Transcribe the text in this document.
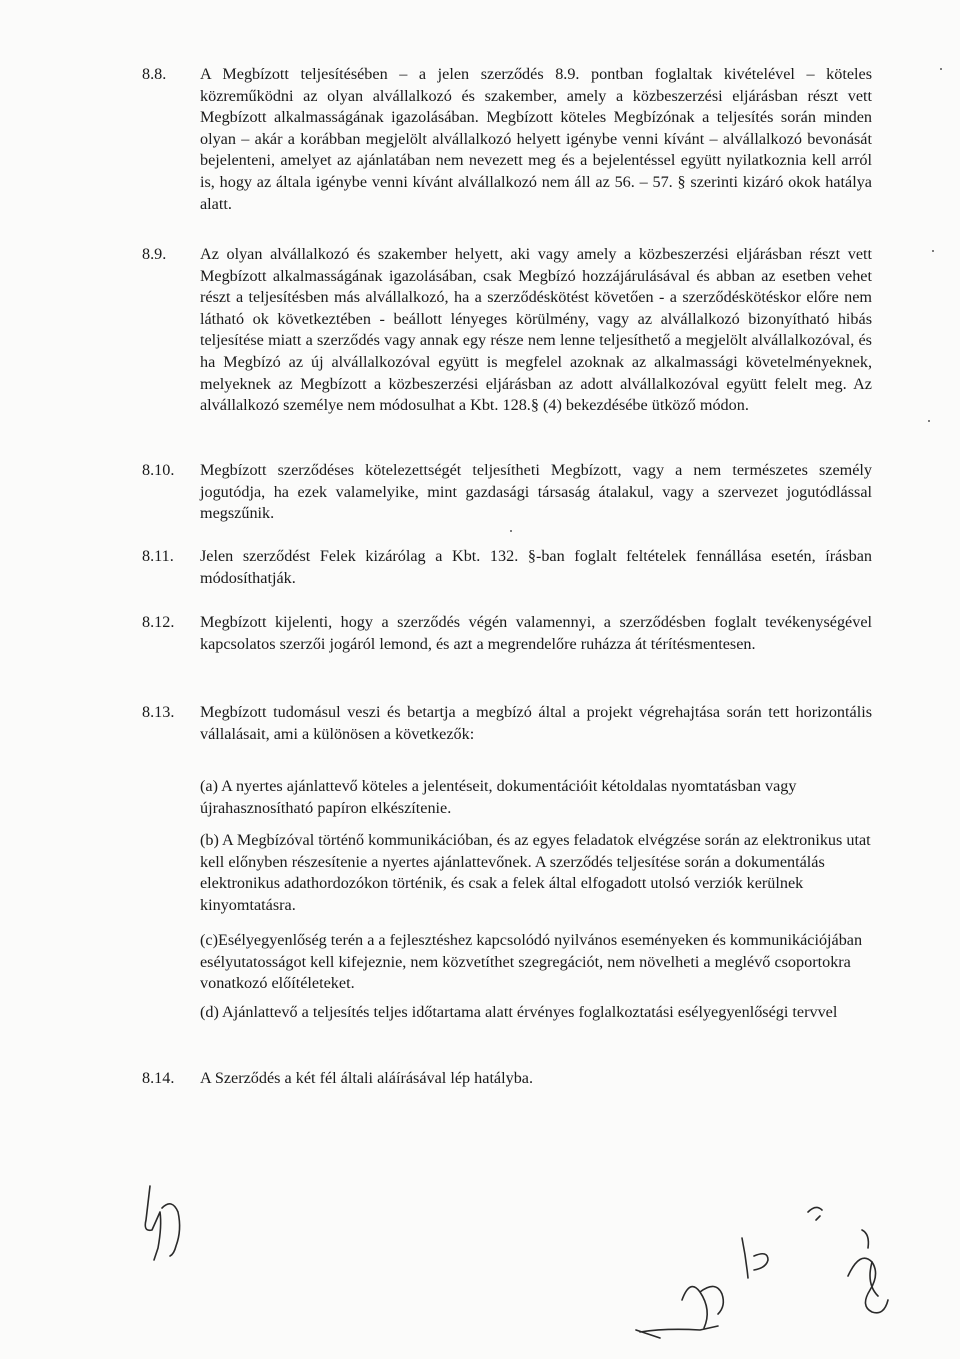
8.8.	A Megbízott teljesítésében – a jelen szerződés 8.9. pontban foglaltak kivételével – köteles közreműködni az olyan alvállalkozó és szakember, amely a közbeszerzési eljárásban részt vett Megbízott alkalmasságának igazolásában. Megbízott köteles Megbízónak a teljesítés során minden olyan – akár a korábban megjelölt alvállalkozó helyett igénybe venni kívánt – alvállalkozó bevonását bejelenteni, amelyet az ajánlatában nem nevezett meg és a bejelentéssel együtt nyilatkoznia kell arról is, hogy az általa igénybe venni kívánt alvállalkozó nem áll az 56. – 57. § szerinti kizáró okok hatálya alatt.
8.9.	Az olyan alvállalkozó és szakember helyett, aki vagy amely a közbeszerzési eljárásban részt vett Megbízott alkalmasságának igazolásában, csak Megbízó hozzájárulásával és abban az esetben vehet részt a teljesítésben más alvállalkozó, ha a szerződéskötést követően - a szerződéskötéskor előre nem látható ok következtében - beállott lényeges körülmény, vagy az alvállalkozó bizonyítható hibás teljesítése miatt a szerződés vagy annak egy része nem lenne teljesíthető a megjelölt alvállalkozóval, és ha Megbízó az új alvállalkozóval együtt is megfelel azoknak az alkalmassági követelményeknek, melyeknek az Megbízott a közbeszerzési eljárásban az adott alvállalkozóval együtt felelt meg. Az alvállalkozó személye nem módosulhat a Kbt. 128.§ (4) bekezdésébe ütköző módon.
8.10.	Megbízott szerződéses kötelezettségét teljesítheti Megbízott, vagy a nem természetes személy jogutódja, ha ezek valamelyike, mint gazdasági társaság átalakul, vagy a szervezet jogutódlással megszűnik.
8.11.	Jelen szerződést Felek kizárólag a Kbt. 132. §-ban foglalt feltételek fennállása esetén, írásban módosíthatják.
8.12.	Megbízott kijelenti, hogy a szerződés végén valamennyi, a szerződésben foglalt tevékenységével kapcsolatos szerzői jogáról lemond, és azt a megrendelőre ruházza át térítésmentesen.
8.13.	Megbízott tudomásul veszi és betartja a megbízó által a projekt végrehajtása során tett horizontális vállalásait, ami a különösen a következők:
(a) A nyertes ajánlattevő köteles a jelentéseit, dokumentációit kétoldalas nyomtatásban vagy újrahasznosítható papíron elkészítenie.
(b) A Megbízóval történő kommunikációban, és az egyes feladatok elvégzése során az elektronikus utat kell előnyben részesítenie a nyertes ajánlattevőnek. A szerződés teljesítése során a dokumentálás elektronikus adathordozókon történik, és csak a felek által elfogadott utolsó verziók kerülnek kinyomtatásra.
(c)Esélyegyenlőség terén a a fejlesztéshez kapcsolódó nyilvános eseményeken és kommunikációjában esélyutatosságot kell kifejeznie, nem közvetíthet szegregációt, nem növelheti a meglévő csoportokra vonatkozó előítéleteket.
(d) Ajánlattevő a teljesítés teljes időtartama alatt érvényes foglalkoztatási esélyegyenlőségi tervvel
8.14.	A Szerződés a két fél általi aláírásával lép hatályba.
